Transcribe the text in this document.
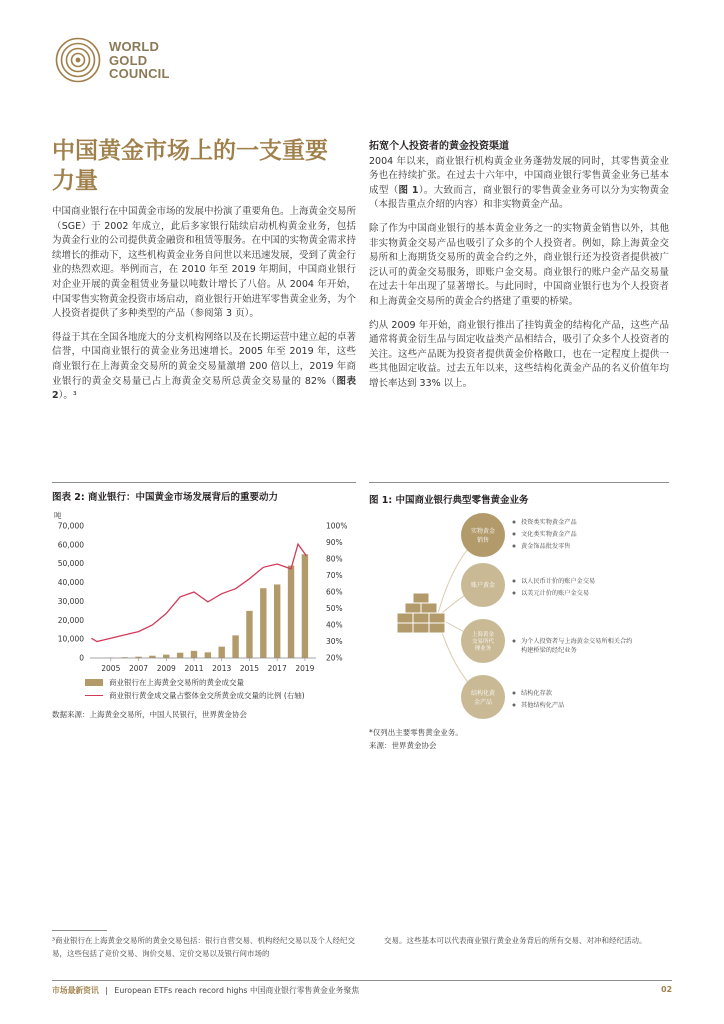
WORLD
GOLD
COUNCIL
中国黄金市场上的一支重要
力量

中国商业银行在中国黄金市场的发展中扮演了重要角色。上海黄金交易所（SGE）于 2002 年成立，此后多家银行陆续启动机构黄金业务，包括为黄金行业的公司提供黄金融资和租赁等服务。在中国的实物黄金需求持续增长的推动下，这些机构黄金业务自问世以来迅速发展，受到了黄金行业的热烈欢迎。举例而言，在 2010 年至 2019 年期间，中国商业银行对企业开展的黄金租赁业务量以吨数计增长了八倍。从 2004 年开始，中国零售实物黄金投资市场启动，商业银行开始进军零售黄金业务，为个人投资者提供了多种类型的产品（参阅第 3 页）。

得益于其在全国各地庞大的分支机构网络以及在长期运营中建立起的卓著信誉，中国商业银行的黄金业务迅速增长。2005 年至 2019 年，这些商业银行在上海黄金交易所的黄金交易量激增 200 倍以上，2019 年商业银行的黄金交易量已占上海黄金交易所总黄金交易量的 82%（图表 2）。³

拓宽个人投资者的黄金投资渠道

2004 年以来，商业银行机构黄金业务蓬勃发展的同时，其零售黄金业务也在持续扩张。在过去十六年中，中国商业银行零售黄金业务已基本成型（图 1）。大致而言，商业银行的零售黄金业务可以分为实物黄金（本报告重点介绍的内容）和非实物黄金产品。

除了作为中国商业银行的基本黄金业务之一的实物黄金销售以外，其他非实物黄金交易产品也吸引了众多的个人投资者。例如，除上海黄金交易所和上海期货交易所的黄金合约之外，商业银行还为投资者提供被广泛认可的黄金交易服务，即账户金交易。商业银行的账户金产品交易量在过去十年出现了显著增长。与此同时，中国商业银行也为个人投资者和上海黄金交易所的黄金合约搭建了重要的桥梁。

约从 2009 年开始，商业银行推出了挂钩黄金的结构化产品，这些产品通常将黄金衍生品与固定收益类产品相结合，吸引了众多个人投资者的关注。这些产品既为投资者提供黄金价格敞口，也在一定程度上提供一些其他固定收益。过去五年以来，这些结构化黄金产品的名义价值年均增长率达到 33% 以上。

图表 2: 商业银行：中国黄金市场发展背后的重要动力
吨
0
10,000
20,000
30,000
40,000
50,000
60,000
70,000
20%
30%
40%
50%
60%
70%
80%
90%
100%
2005 2007 2009 2011 2013 2015 2017 2019
商业银行在上海黄金交易所的黄金成交量
商业银行黄金成交量占整体金交所黄金成交量的比例 (右轴)
数据来源：上海黄金交易所，中国人民银行，世界黄金协会
图 1: 中国商业银行典型零售黄金业务
实物黄金
销售
账户黄金
上海黄金
交易所代
理业务
结构化黄
金产品
投资类实物黄金产品
文化类实物黄金产品
黄金饰品批发零售
以人民币计价的账户金交易
以美元计价的账户金交易
为个人投资者与上海黄金交易所相关合约
构建桥梁的经纪业务
结构化存款
其他结构化产品
*仅列出主要零售黄金业务。
来源：世界黄金协会
³商业银行在上海黄金交易所的黄金交易包括：银行自营交易、机构经纪交易以及个人经纪交易，这些包括了竞价交易、询价交易、定价交易以及银行间市场的
交易。这些基本可以代表商业银行黄金业务背后的所有交易、对冲和经纪活动。
市场最新资讯 | European ETFs reach record highs 中国商业银行零售黄金业务聚焦	02
